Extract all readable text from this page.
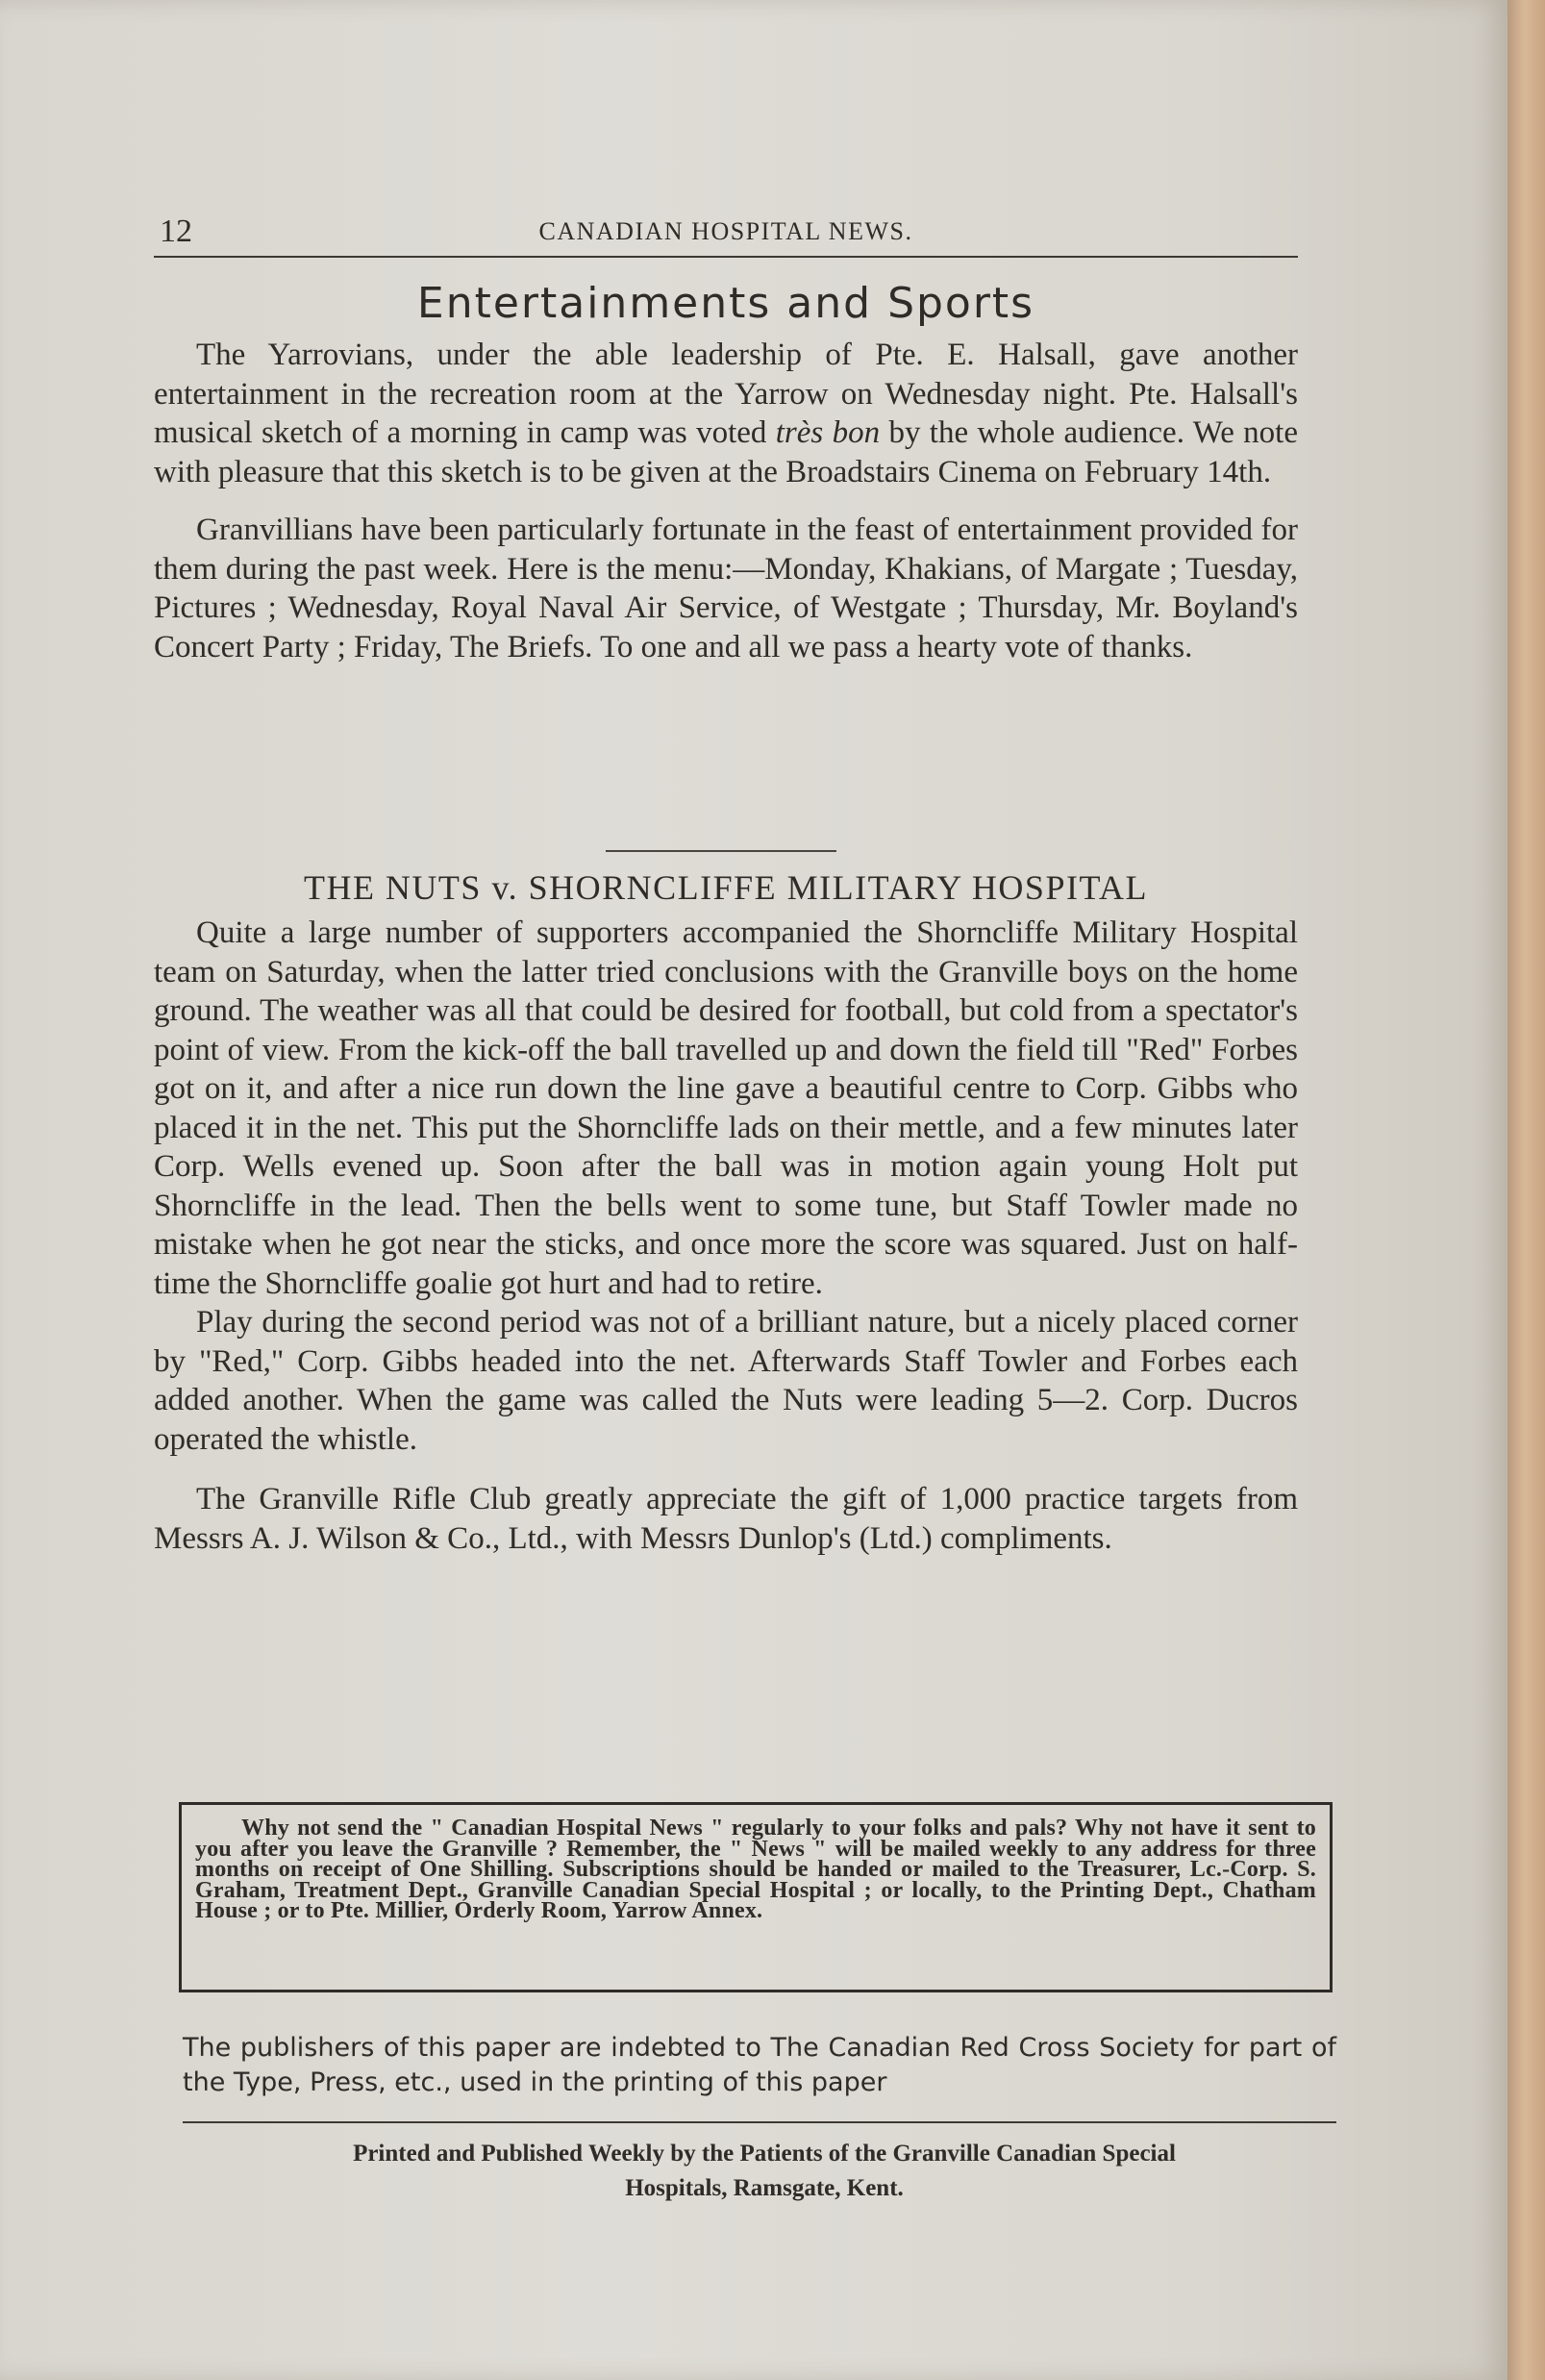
12	CANADIAN HOSPITAL NEWS.
Entertainments and Sports

The Yarrovians, under the able leadership of Pte. E. Halsall, gave another entertainment in the recreation room at the Yarrow on Wednesday night. Pte. Halsall's musical sketch of a morning in camp was voted très bon by the whole audience. We note with pleasure that this sketch is to be given at the Broadstairs Cinema on February 14th.

Granvillians have been particularly fortunate in the feast of entertainment provided for them during the past week. Here is the menu:—Monday, Khakians, of Margate ; Tuesday, Pictures ; Wednesday, Royal Naval Air Service, of Westgate ; Thursday, Mr. Boyland's Concert Party ; Friday, The Briefs. To one and all we pass a hearty vote of thanks.

THE NUTS v. SHORNCLIFFE MILITARY HOSPITAL

Quite a large number of supporters accompanied the Shorncliffe Military Hospital team on Saturday, when the latter tried conclusions with the Granville boys on the home ground. The weather was all that could be desired for football, but cold from a spectator's point of view. From the kick-off the ball travelled up and down the field till "Red" Forbes got on it, and after a nice run down the line gave a beautiful centre to Corp. Gibbs who placed it in the net. This put the Shorncliffe lads on their mettle, and a few minutes later Corp. Wells evened up. Soon after the ball was in motion again young Holt put Shorncliffe in the lead. Then the bells went to some tune, but Staff Towler made no mistake when he got near the sticks, and once more the score was squared. Just on half-time the Shorncliffe goalie got hurt and had to retire.

Play during the second period was not of a brilliant nature, but a nicely placed corner by "Red," Corp. Gibbs headed into the net. Afterwards Staff Towler and Forbes each added another. When the game was called the Nuts were leading 5—2. Corp. Ducros operated the whistle.

The Granville Rifle Club greatly appreciate the gift of 1,000 practice targets from Messrs A. J. Wilson & Co., Ltd., with Messrs Dunlop's (Ltd.) compliments.

Why not send the " Canadian Hospital News " regularly to your folks and pals? Why not have it sent to you after you leave the Granville ? Remember, the " News " will be mailed weekly to any address for three months on receipt of One Shilling. Subscriptions should be handed or mailed to the Treasurer, Lc.-Corp. S. Graham, Treatment Dept., Granville Canadian Special Hospital ; or locally, to the Printing Dept., Chatham House ; or to Pte. Millier, Orderly Room, Yarrow Annex.

The publishers of this paper are indebted to The Canadian Red Cross Society for part of the Type, Press, etc., used in the printing of this paper

Printed and Published Weekly by the Patients of the Granville Canadian Special
Hospitals, Ramsgate, Kent.
